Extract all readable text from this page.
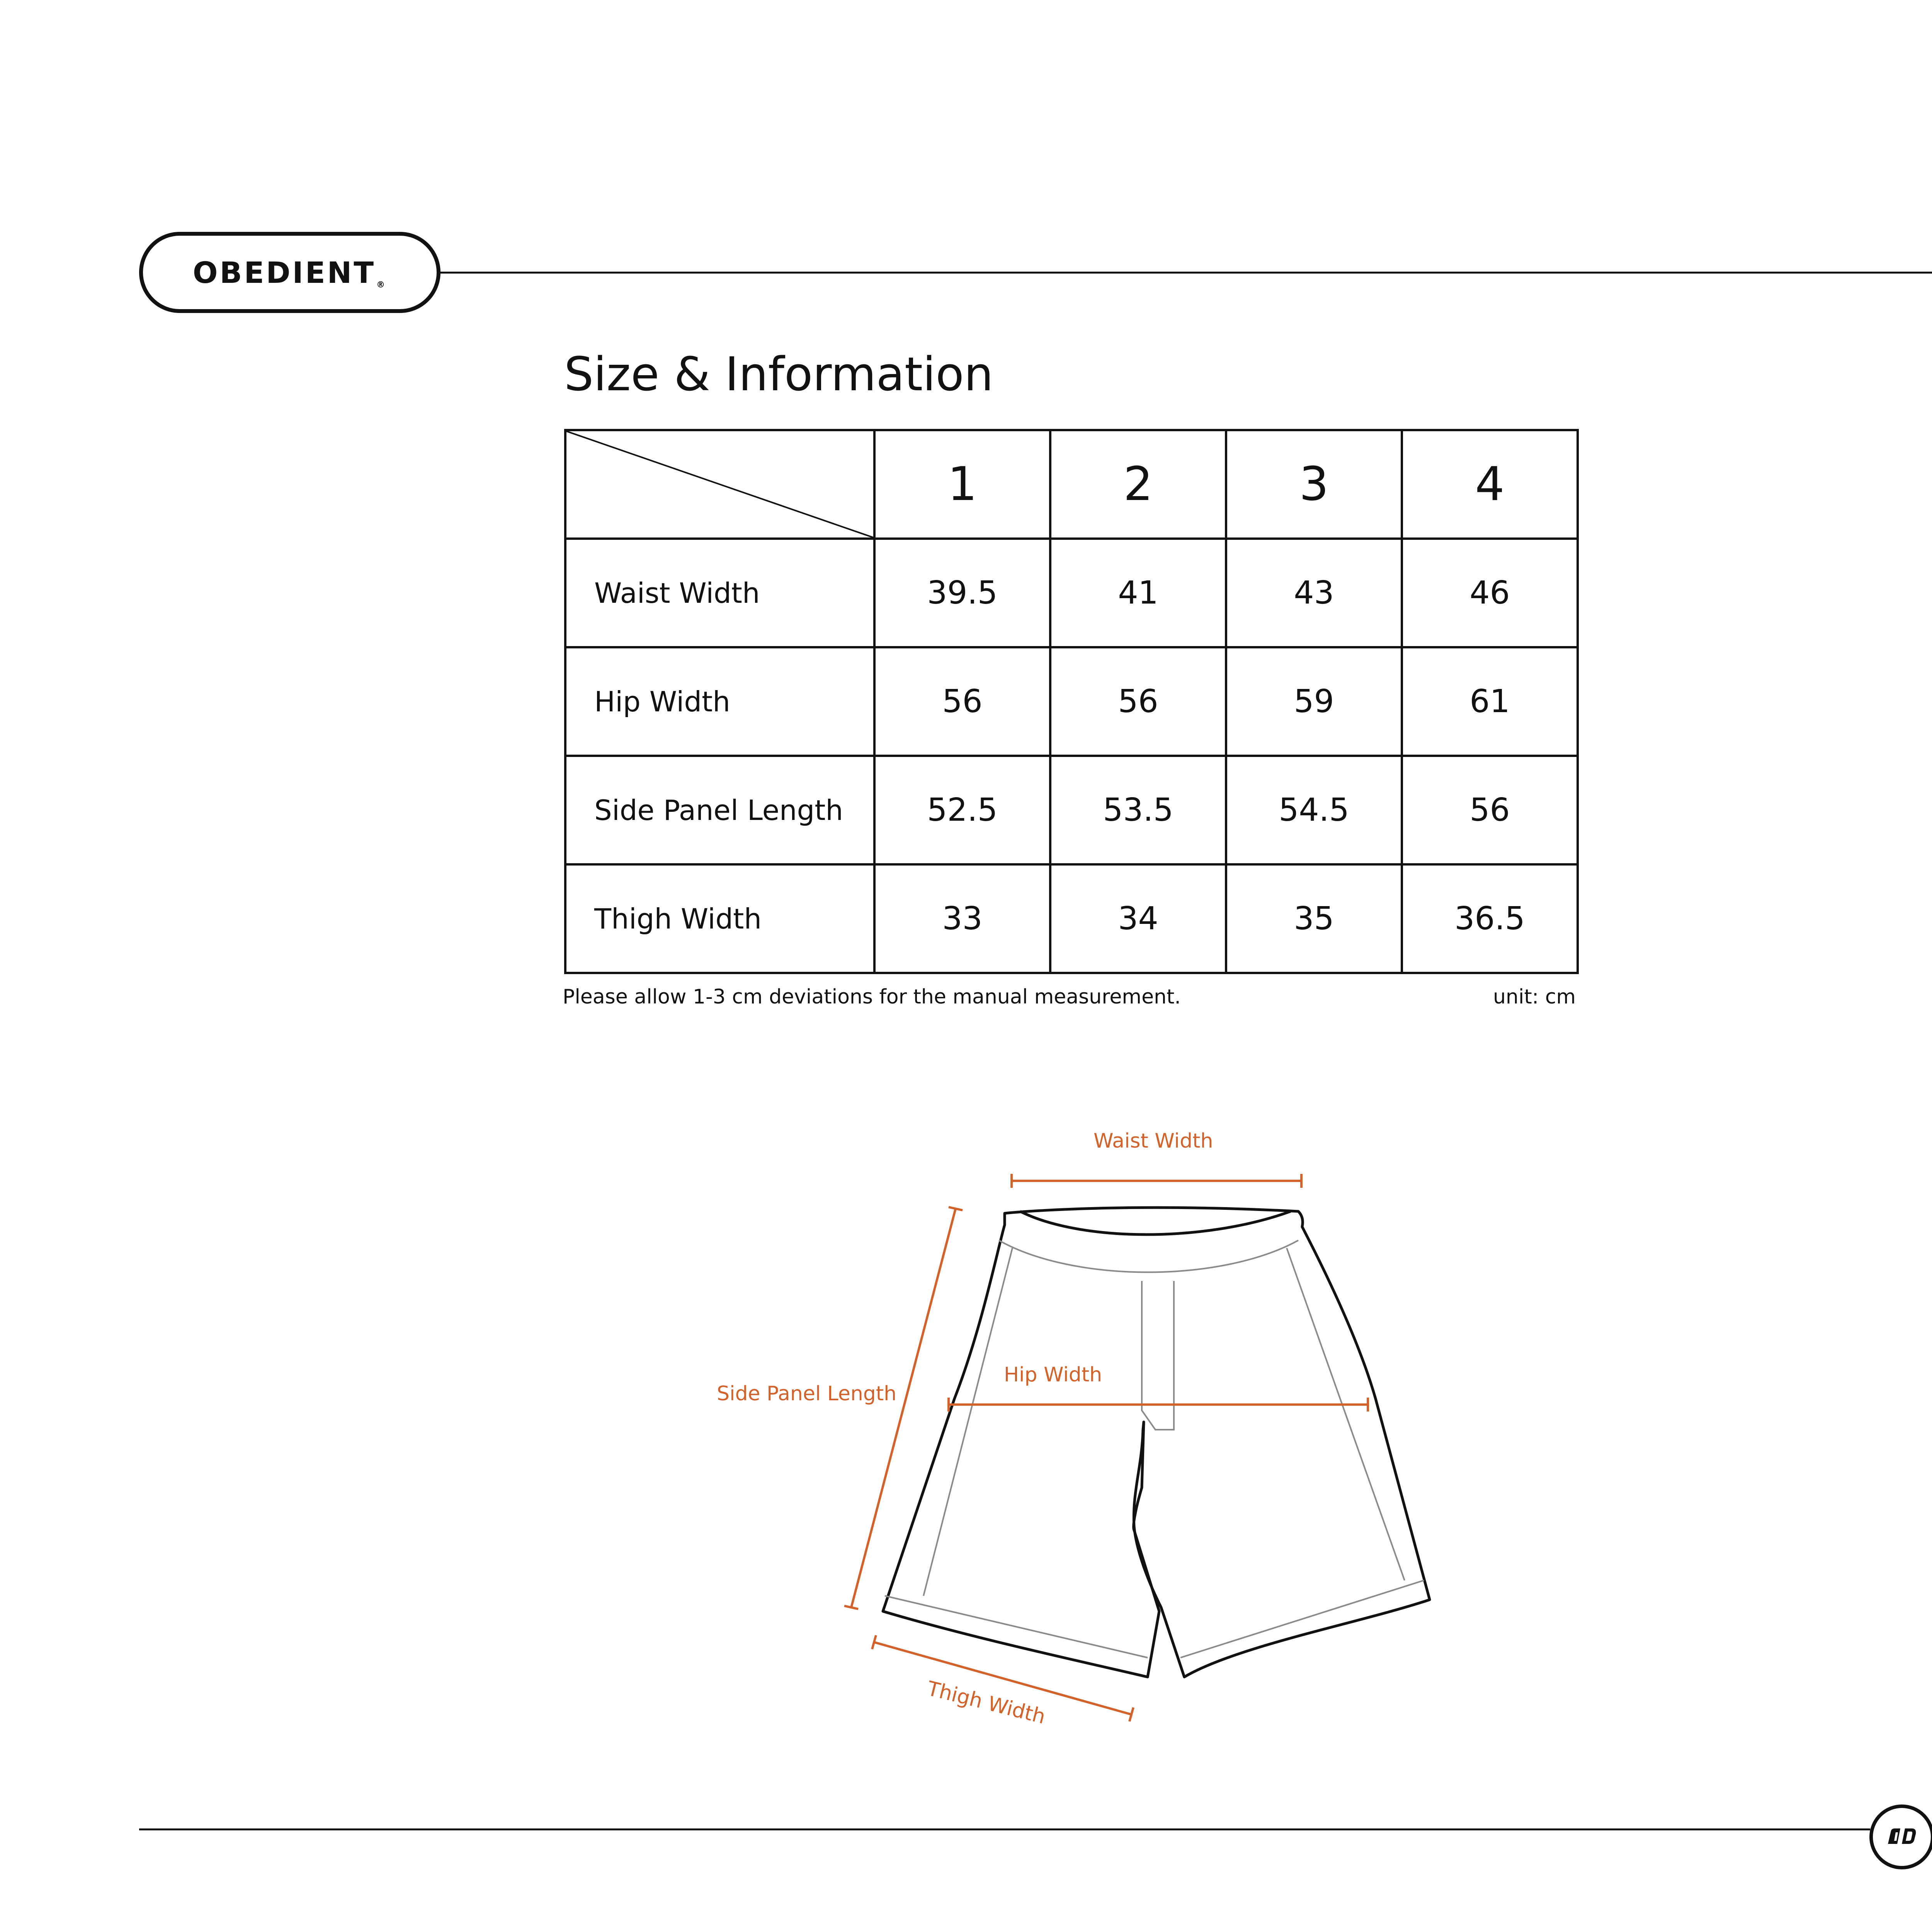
OBEDIENT®
Size & Information
	1	2	3	4
Waist Width	39.5	41	43	46
Hip Width	56	56	59	61
Side Panel Length	52.5	53.5	54.5	56
Thigh Width	33	34	35	36.5
Please allow 1-3 cm deviations for the manual measurement.	unit: cm
Waist Width
Hip Width
Side Panel Length
Thigh Width
